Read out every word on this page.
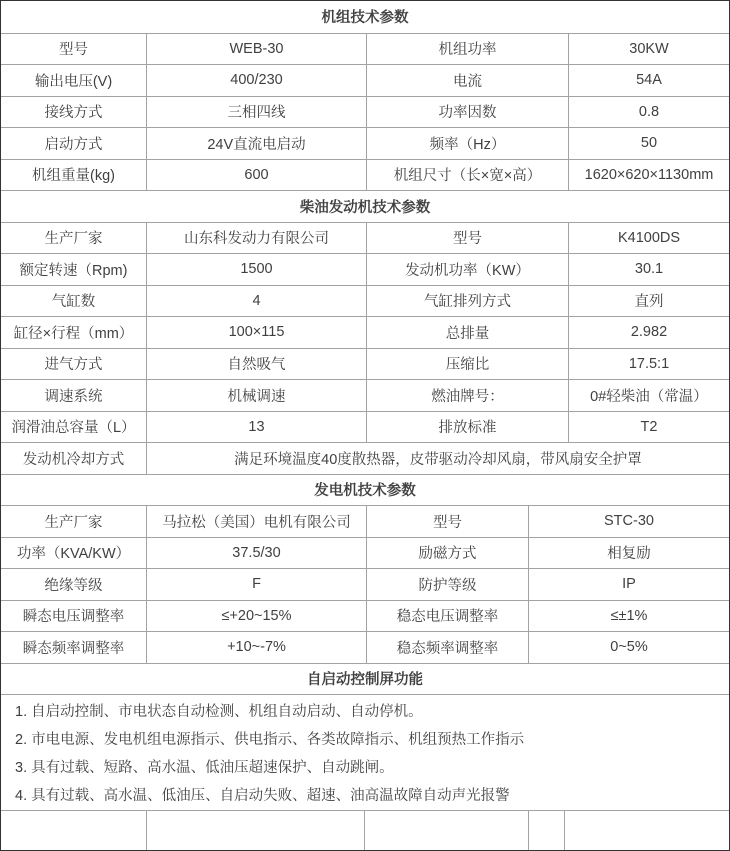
机组技术参数
型号	WEB-30	机组功率	30KW
输出电压(V)	400/230	电流	54A
接线方式	三相四线	功率因数	0.8
启动方式	24V直流电启动	频率（Hz）	50
机组重量(kg)	600	机组尺寸（长×宽×高）	1620×620×1130mm
柴油发动机技术参数
生产厂家	山东科发动力有限公司	型号	K4100DS
额定转速（Rpm)	1500	发动机功率（KW）	30.1
气缸数	4	气缸排列方式	直列
缸径×行程（mm）	100×115	总排量	2.982
进气方式	自然吸气	压缩比	17.5:1
调速系统	机械调速	燃油牌号：	0#轻柴油（常温）
润滑油总容量（L）	13	排放标准	T2
发动机冷却方式	满足环境温度40度散热器，皮带驱动冷却风扇，带风扇安全护罩
发电机技术参数
生产厂家	马拉松（美国）电机有限公司	型号	STC-30
功率（KVA/KW）	37.5/30	励磁方式	相复励
绝缘等级	F	防护等级	IP
瞬态电压调整率	≤+20~15%	稳态电压调整率	≤±1%
瞬态频率调整率	+10~-7%	稳态频率调整率	0~5%
自启动控制屏功能
1. 自启动控制、市电状态自动检测、机组自动启动、自动停机。
2. 市电电源、发电机组电源指示、供电指示、各类故障指示、机组预热工作指示
3. 具有过载、短路、高水温、低油压超速保护、自动跳闸。
4. 具有过载、高水温、低油压、自启动失败、超速、油高温故障自动声光报警
